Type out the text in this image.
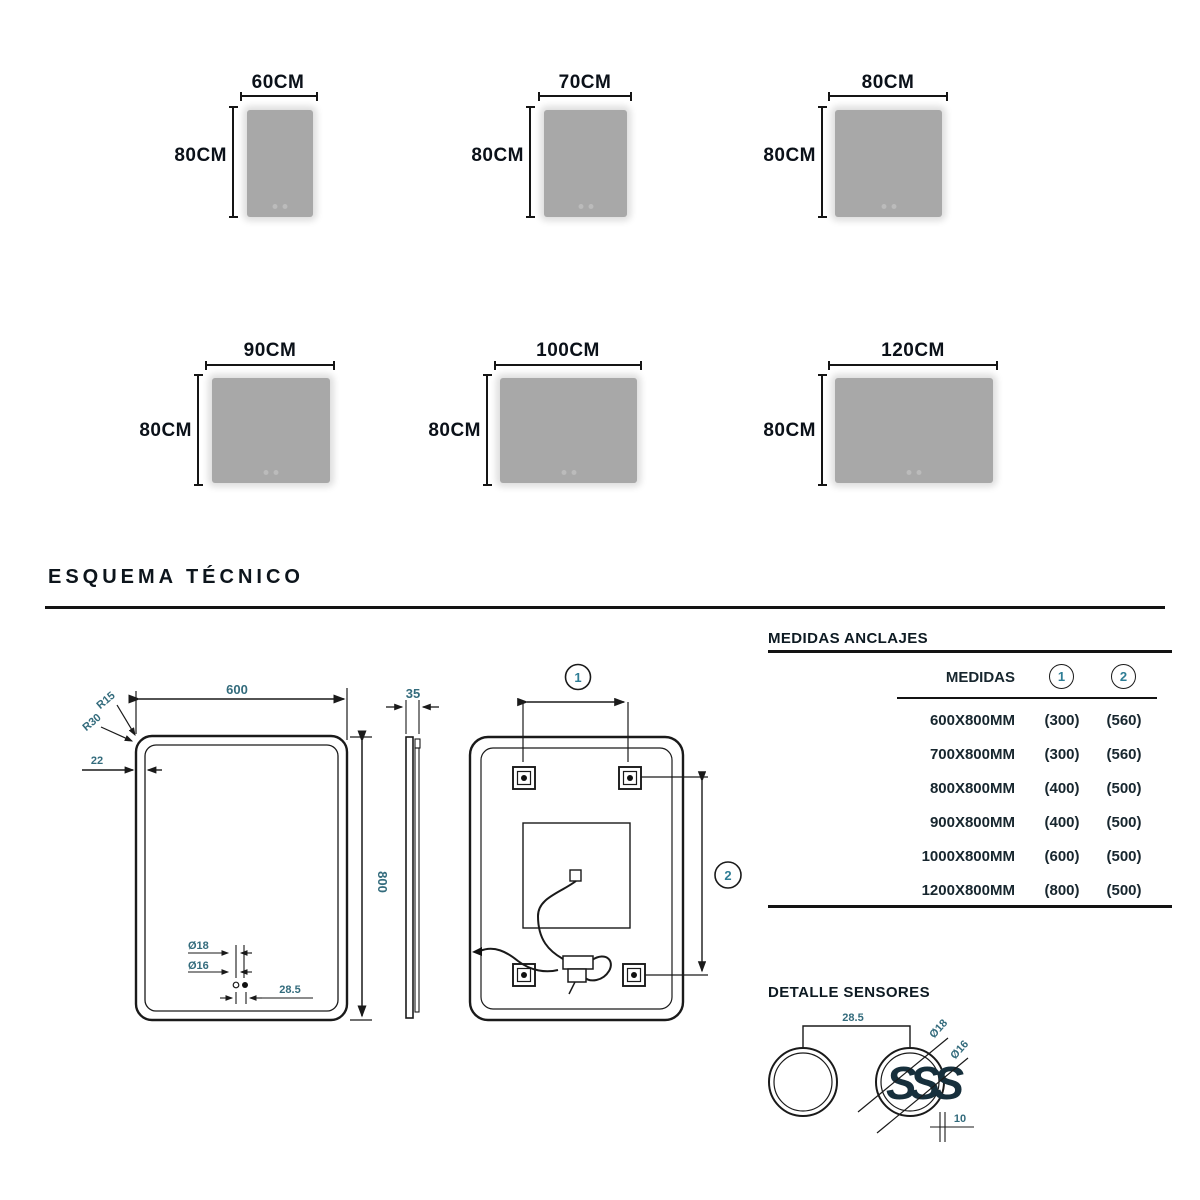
60CM
80CM
70CM
80CM
80CM
80CM
90CM
80CM
100CM
80CM
120CM
80CM
ESQUEMA TÉCNICO
600
800
R15
R30
22
Ø18
Ø16
28.5
35
1
2
MEDIDAS ANCLAJES
MEDIDAS	1	2
600X800MM	(300)	(560)
700X800MM	(300)	(560)
800X800MM	(400)	(500)
900X800MM	(400)	(500)
1000X800MM	(600)	(500)
1200X800MM	(800)	(500)
DETALLE SENSORES
SSS
28.5	Ø18
Ø16
10
